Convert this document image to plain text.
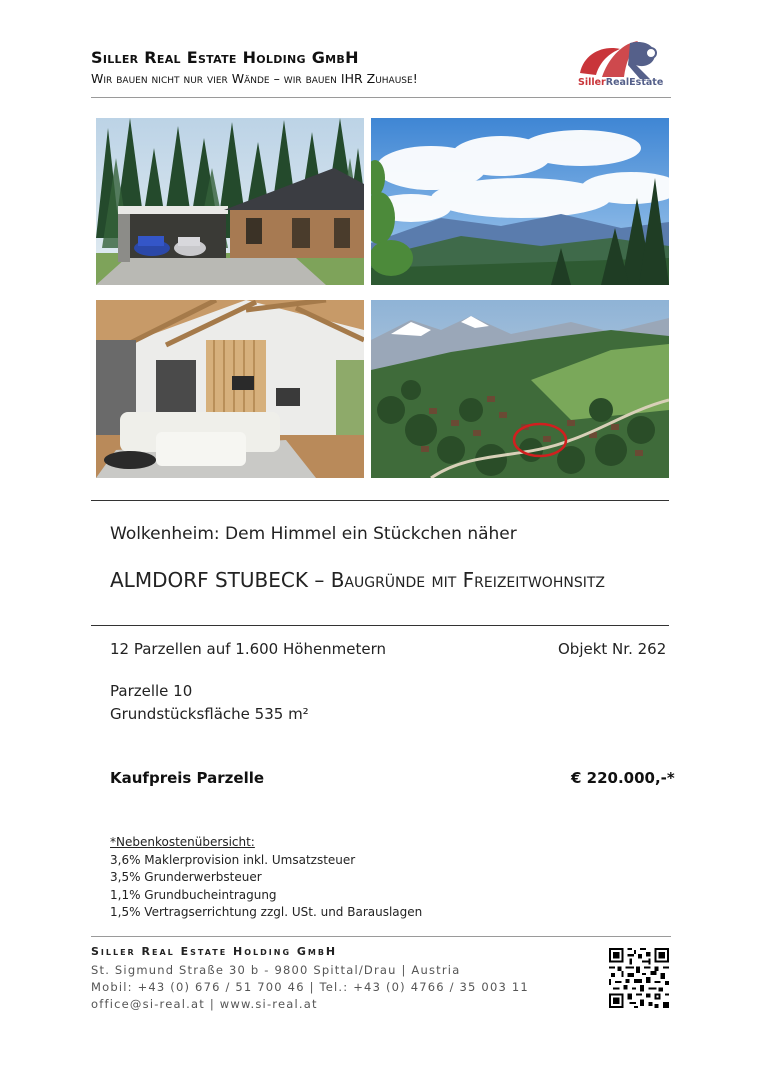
Siller Real Estate Holding GmbH
Wir bauen nicht nur vier Wände – wir bauen IHR Zuhause!	SillerRealEstate
Wolkenheim: Dem Himmel ein Stückchen näher
ALMDORF STUBECK – Baugründe mit Freizeitwohnsitz
12 Parzellen auf 1.600 Höhenmetern	Objekt Nr. 262
Parzelle 10
Grundstücksfläche 535 m²
Kaufpreis Parzelle	€ 220.000,-*
*Nebenkostenübersicht:
3,6% Maklerprovision inkl. Umsatzsteuer
3,5% Grunderwerbsteuer
1,1% Grundbucheintragung
1,5% Vertragserrichtung zzgl. USt. und Barauslagen
Siller Real Estate Holding GmbH
St. Sigmund Straße 30 b - 9800 Spittal/Drau | Austria
Mobil: +43 (0) 676 / 51 700 46 | Tel.: +43 (0) 4766 / 35 003 11
office@si-real.at | www.si-real.at
